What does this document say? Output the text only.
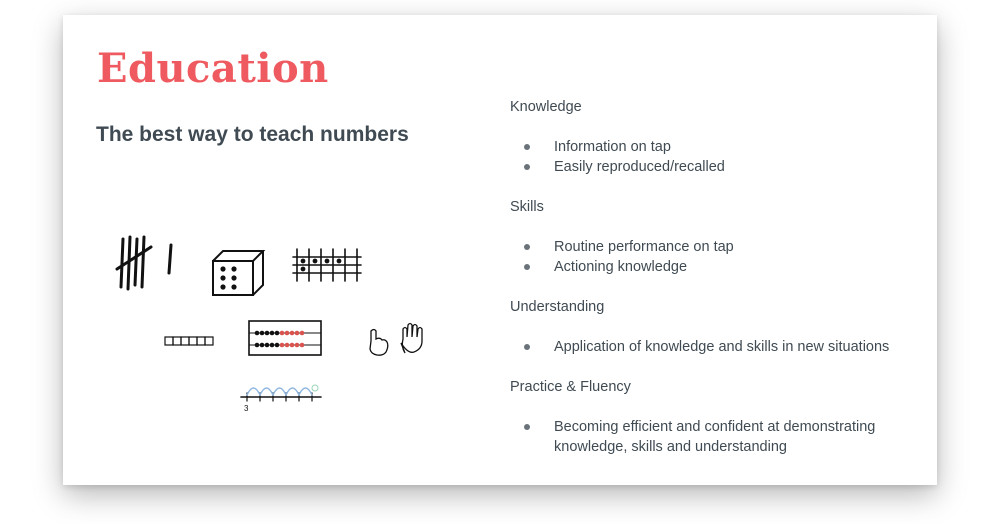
Education
The best way to teach numbers
3
Knowledge
Information on tap
Easily reproduced/recalled
Skills
Routine performance on tap
Actioning knowledge
Understanding
Application of knowledge and skills in new situations
Practice & Fluency
Becoming efficient and confident at demonstrating knowledge, skills and understanding
